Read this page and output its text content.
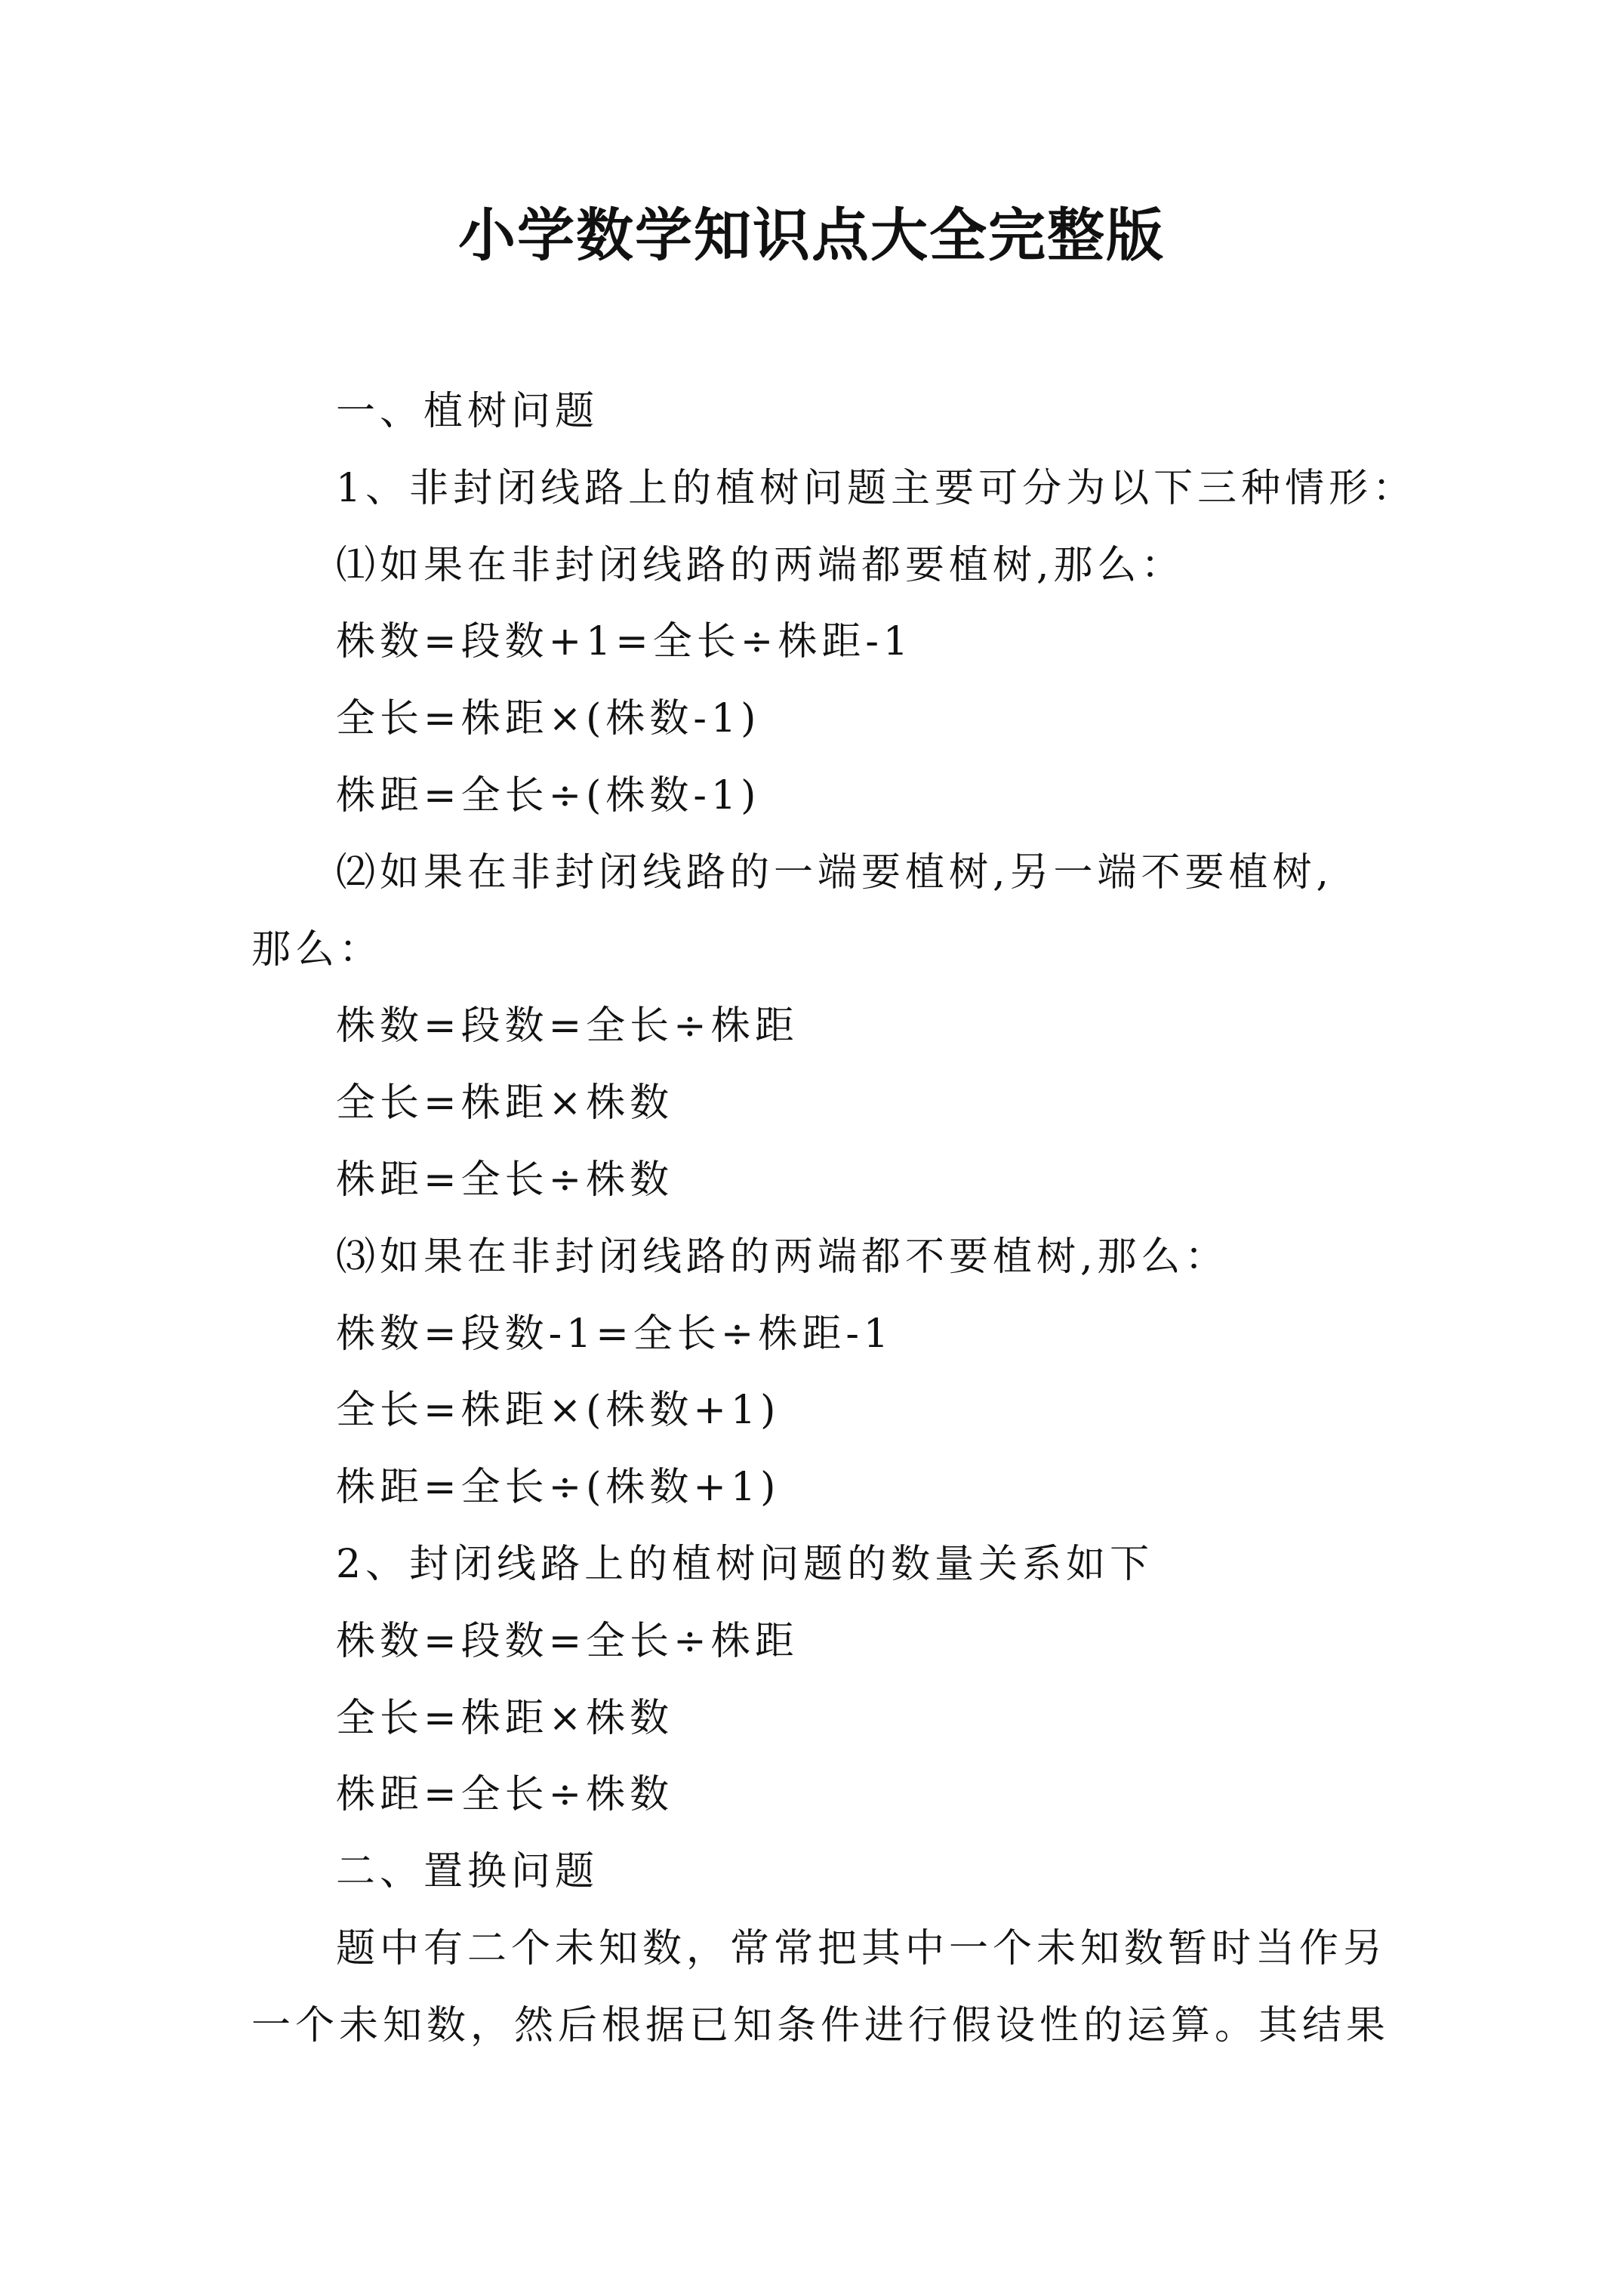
小学数学知识点大全完整版

一、植树问题

1、非封闭线路上的植树问题主要可分为以下三种情形：

⑴如果在非封闭线路的两端都要植树,那么：

株数=段数+1=全长÷株距-1

全长=株距×(株数-1)

株距=全长÷(株数-1)

⑵如果在非封闭线路的一端要植树,另一端不要植树,

那么：

株数=段数=全长÷株距

全长=株距×株数

株距=全长÷株数

⑶如果在非封闭线路的两端都不要植树,那么：

株数=段数-1=全长÷株距-1

全长=株距×(株数+1)

株距=全长÷(株数+1)

2、封闭线路上的植树问题的数量关系如下

株数=段数=全长÷株距

全长=株距×株数

株距=全长÷株数

二、置换问题

题中有二个未知数，常常把其中一个未知数暂时当作另

一个未知数，然后根据已知条件进行假设性的运算。其结果
